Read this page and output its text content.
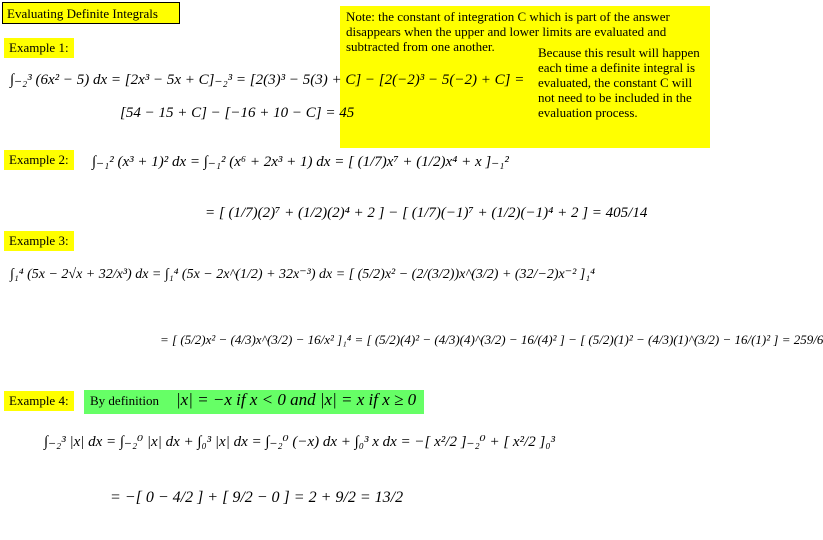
Evaluating Definite Integrals	Note: the constant of integration C which is part of the answer disappears when the upper and lower limits are evaluated and subtracted from one another.	Because this result will happen each time a definite integral is evaluated, the constant C will not need to be included in the evaluation process.
Example 1:
∫₋₂³ (6x² − 5) dx = [2x³ − 5x + C]₋₂³ = [2(3)³ − 5(3) + C] − [2(−2)³ − 5(−2) + C] =
[54 − 15 + C] − [−16 + 10 − C] = 45
Example 2:	∫₋₁² (x³ + 1)² dx = ∫₋₁² (x⁶ + 2x³ + 1) dx = [ (1/7)x⁷ + (1/2)x⁴ + x ]₋₁²
= [ (1/7)(2)⁷ + (1/2)(2)⁴ + 2 ] − [ (1/7)(−1)⁷ + (1/2)(−1)⁴ + 2 ] = 405/14
Example 3:
∫₁⁴ (5x − 2√x + 32/x³) dx = ∫₁⁴ (5x − 2x^(1/2) + 32x⁻³) dx = [ (5/2)x² − (2/(3/2))x^(3/2) + (32/−2)x⁻² ]₁⁴
= [ (5/2)x² − (4/3)x^(3/2) − 16/x² ]₁⁴ = [ (5/2)(4)² − (4/3)(4)^(3/2) − 16/(4)² ] − [ (5/2)(1)² − (4/3)(1)^(3/2) − 16/(1)² ] = 259/6
Example 4:	By definition |x| = −x if x < 0 and |x| = x if x ≥ 0
∫₋₂³ |x| dx = ∫₋₂⁰ |x| dx + ∫₀³ |x| dx = ∫₋₂⁰ (−x) dx + ∫₀³ x dx = −[ x²/2 ]₋₂⁰ + [ x²/2 ]₀³
= −[ 0 − 4/2 ] + [ 9/2 − 0 ] = 2 + 9/2 = 13/2
